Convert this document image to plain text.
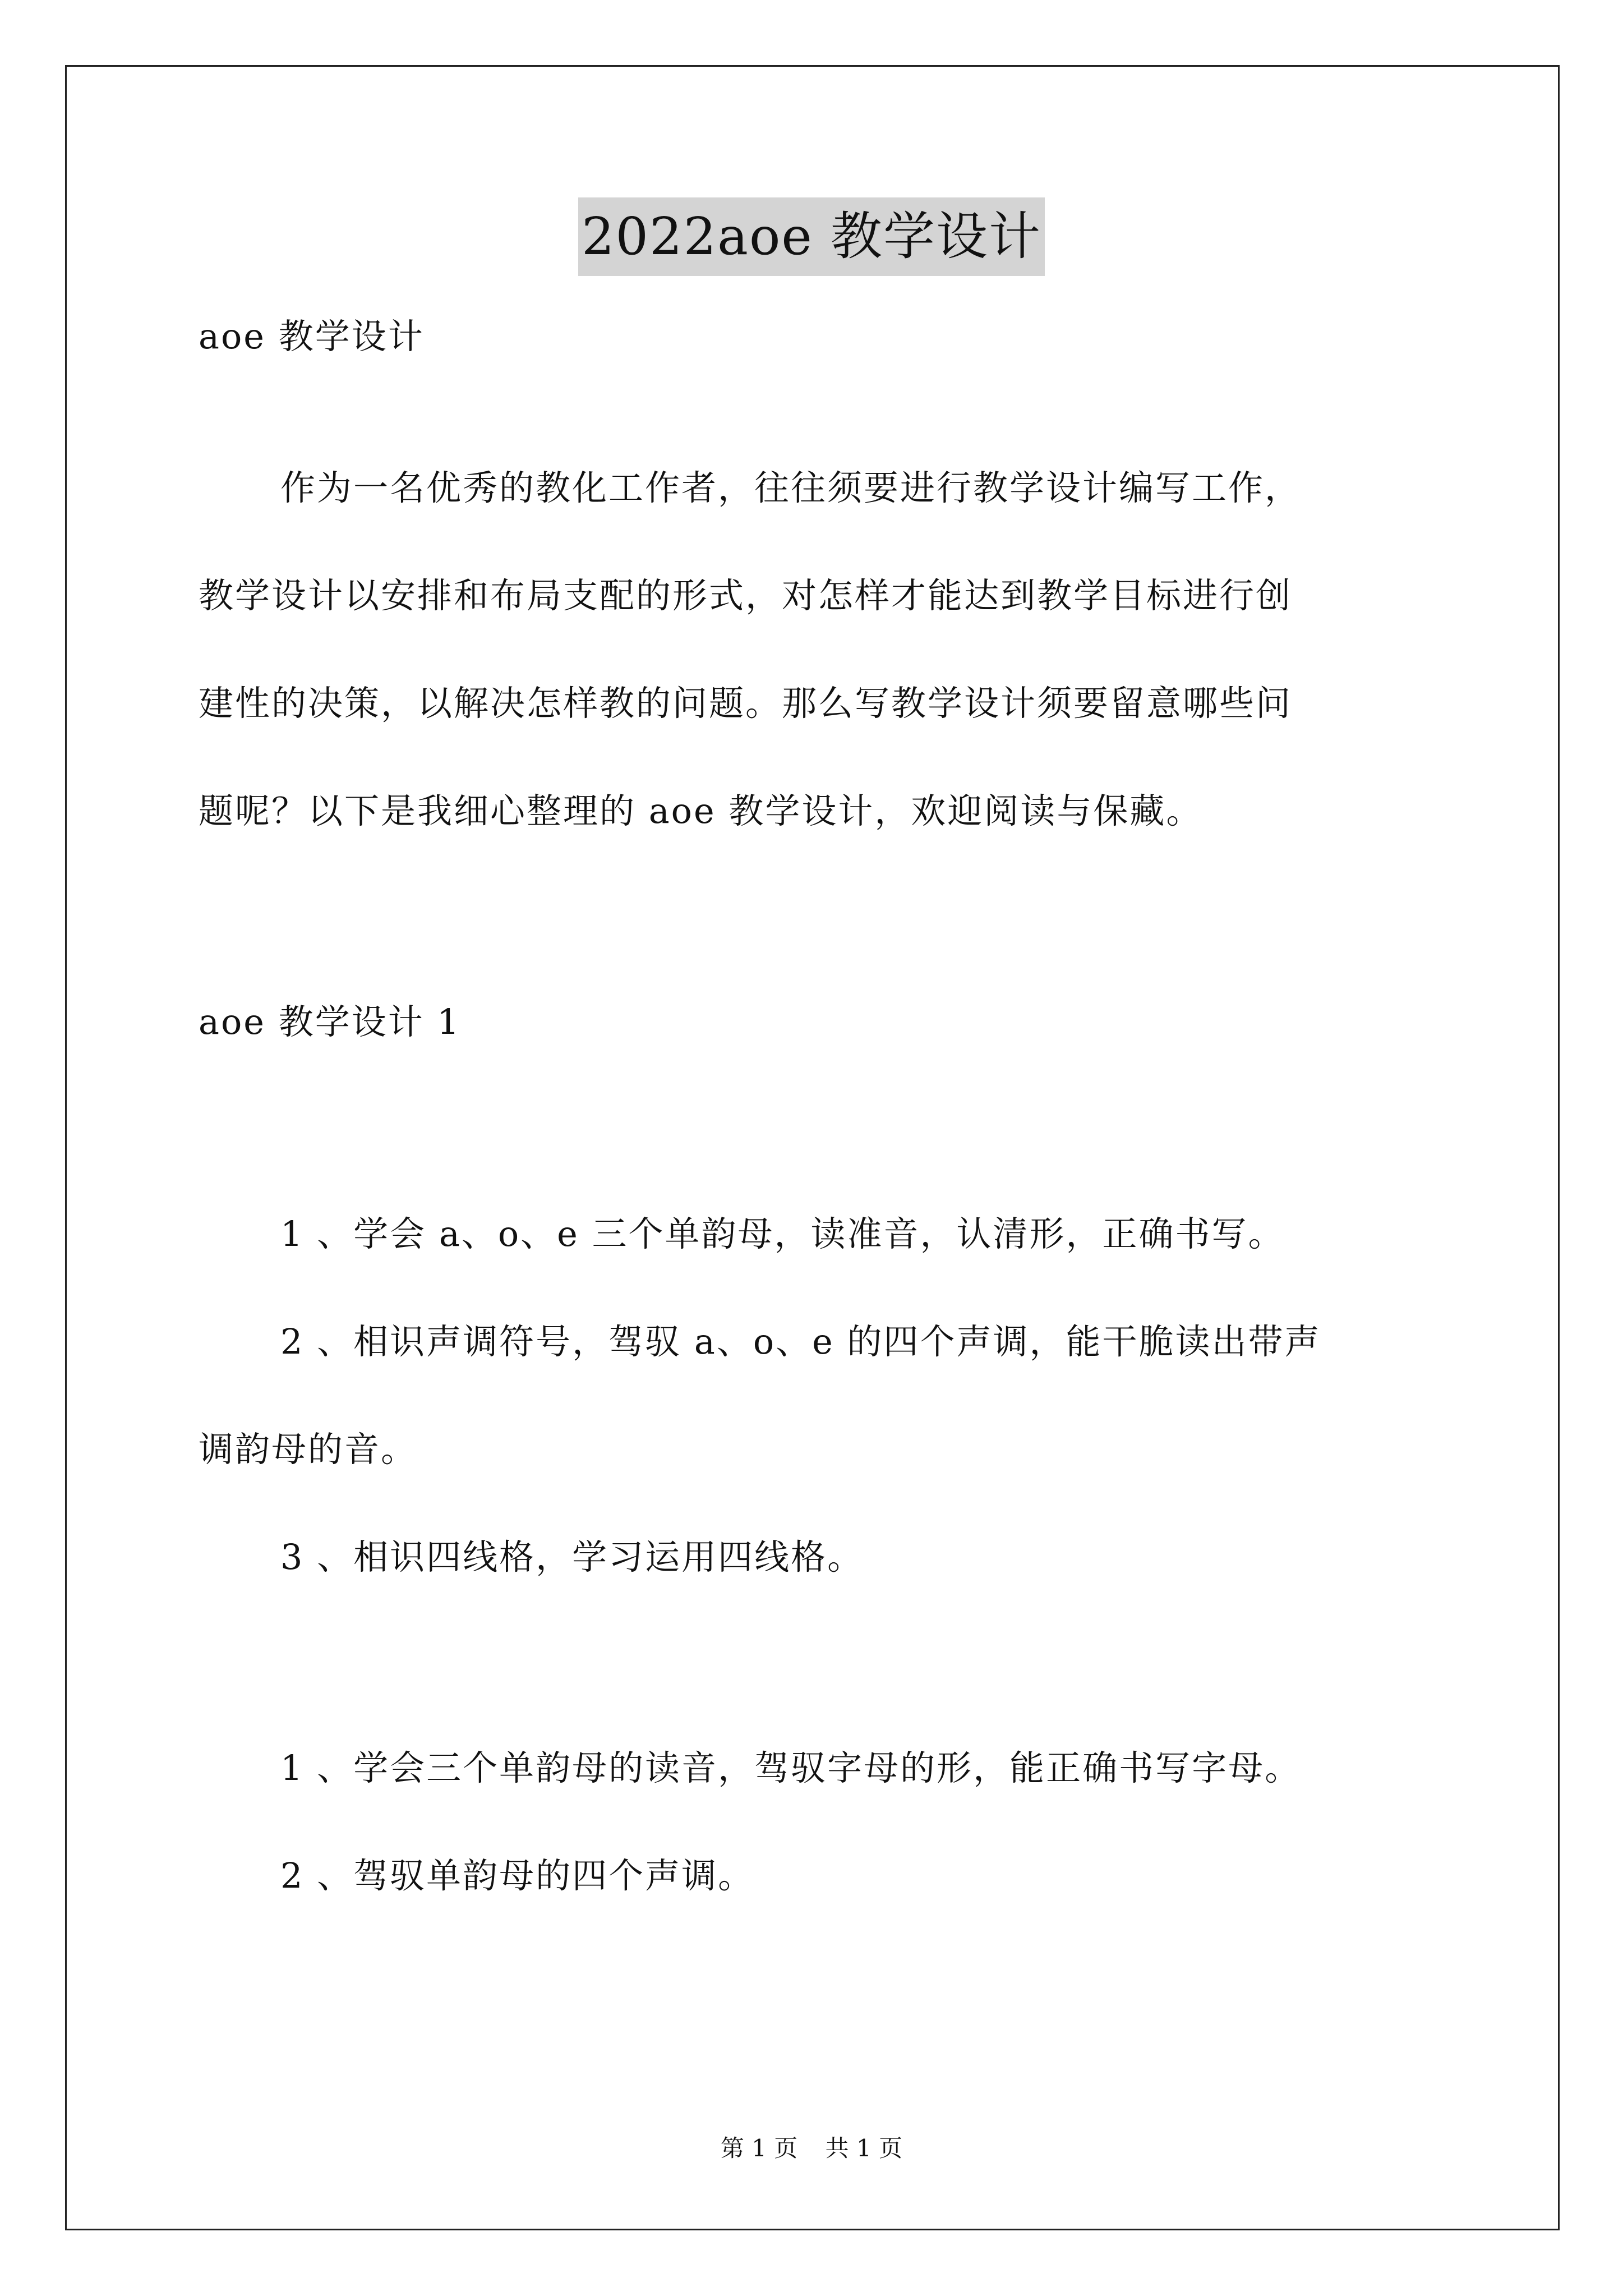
2022aoe 教学设计
aoe 教学设计
作为一名优秀的教化工作者，往往须要进行教学设计编写工作，
教学设计以安排和布局支配的形式，对怎样才能达到教学目标进行创
建性的决策，以解决怎样教的问题。那么写教学设计须要留意哪些问
题呢？以下是我细心整理的 aoe 教学设计，欢迎阅读与保藏。
aoe 教学设计 1
1 、学会 a、o、e 三个单韵母，读准音，认清形，正确书写。
2 、相识声调符号，驾驭 a、o、e 的四个声调，能干脆读出带声
调韵母的音。
3 、相识四线格，学习运用四线格。
1 、学会三个单韵母的读音，驾驭字母的形，能正确书写字母。
2 、驾驭单韵母的四个声调。
第 1 页 共 1 页
